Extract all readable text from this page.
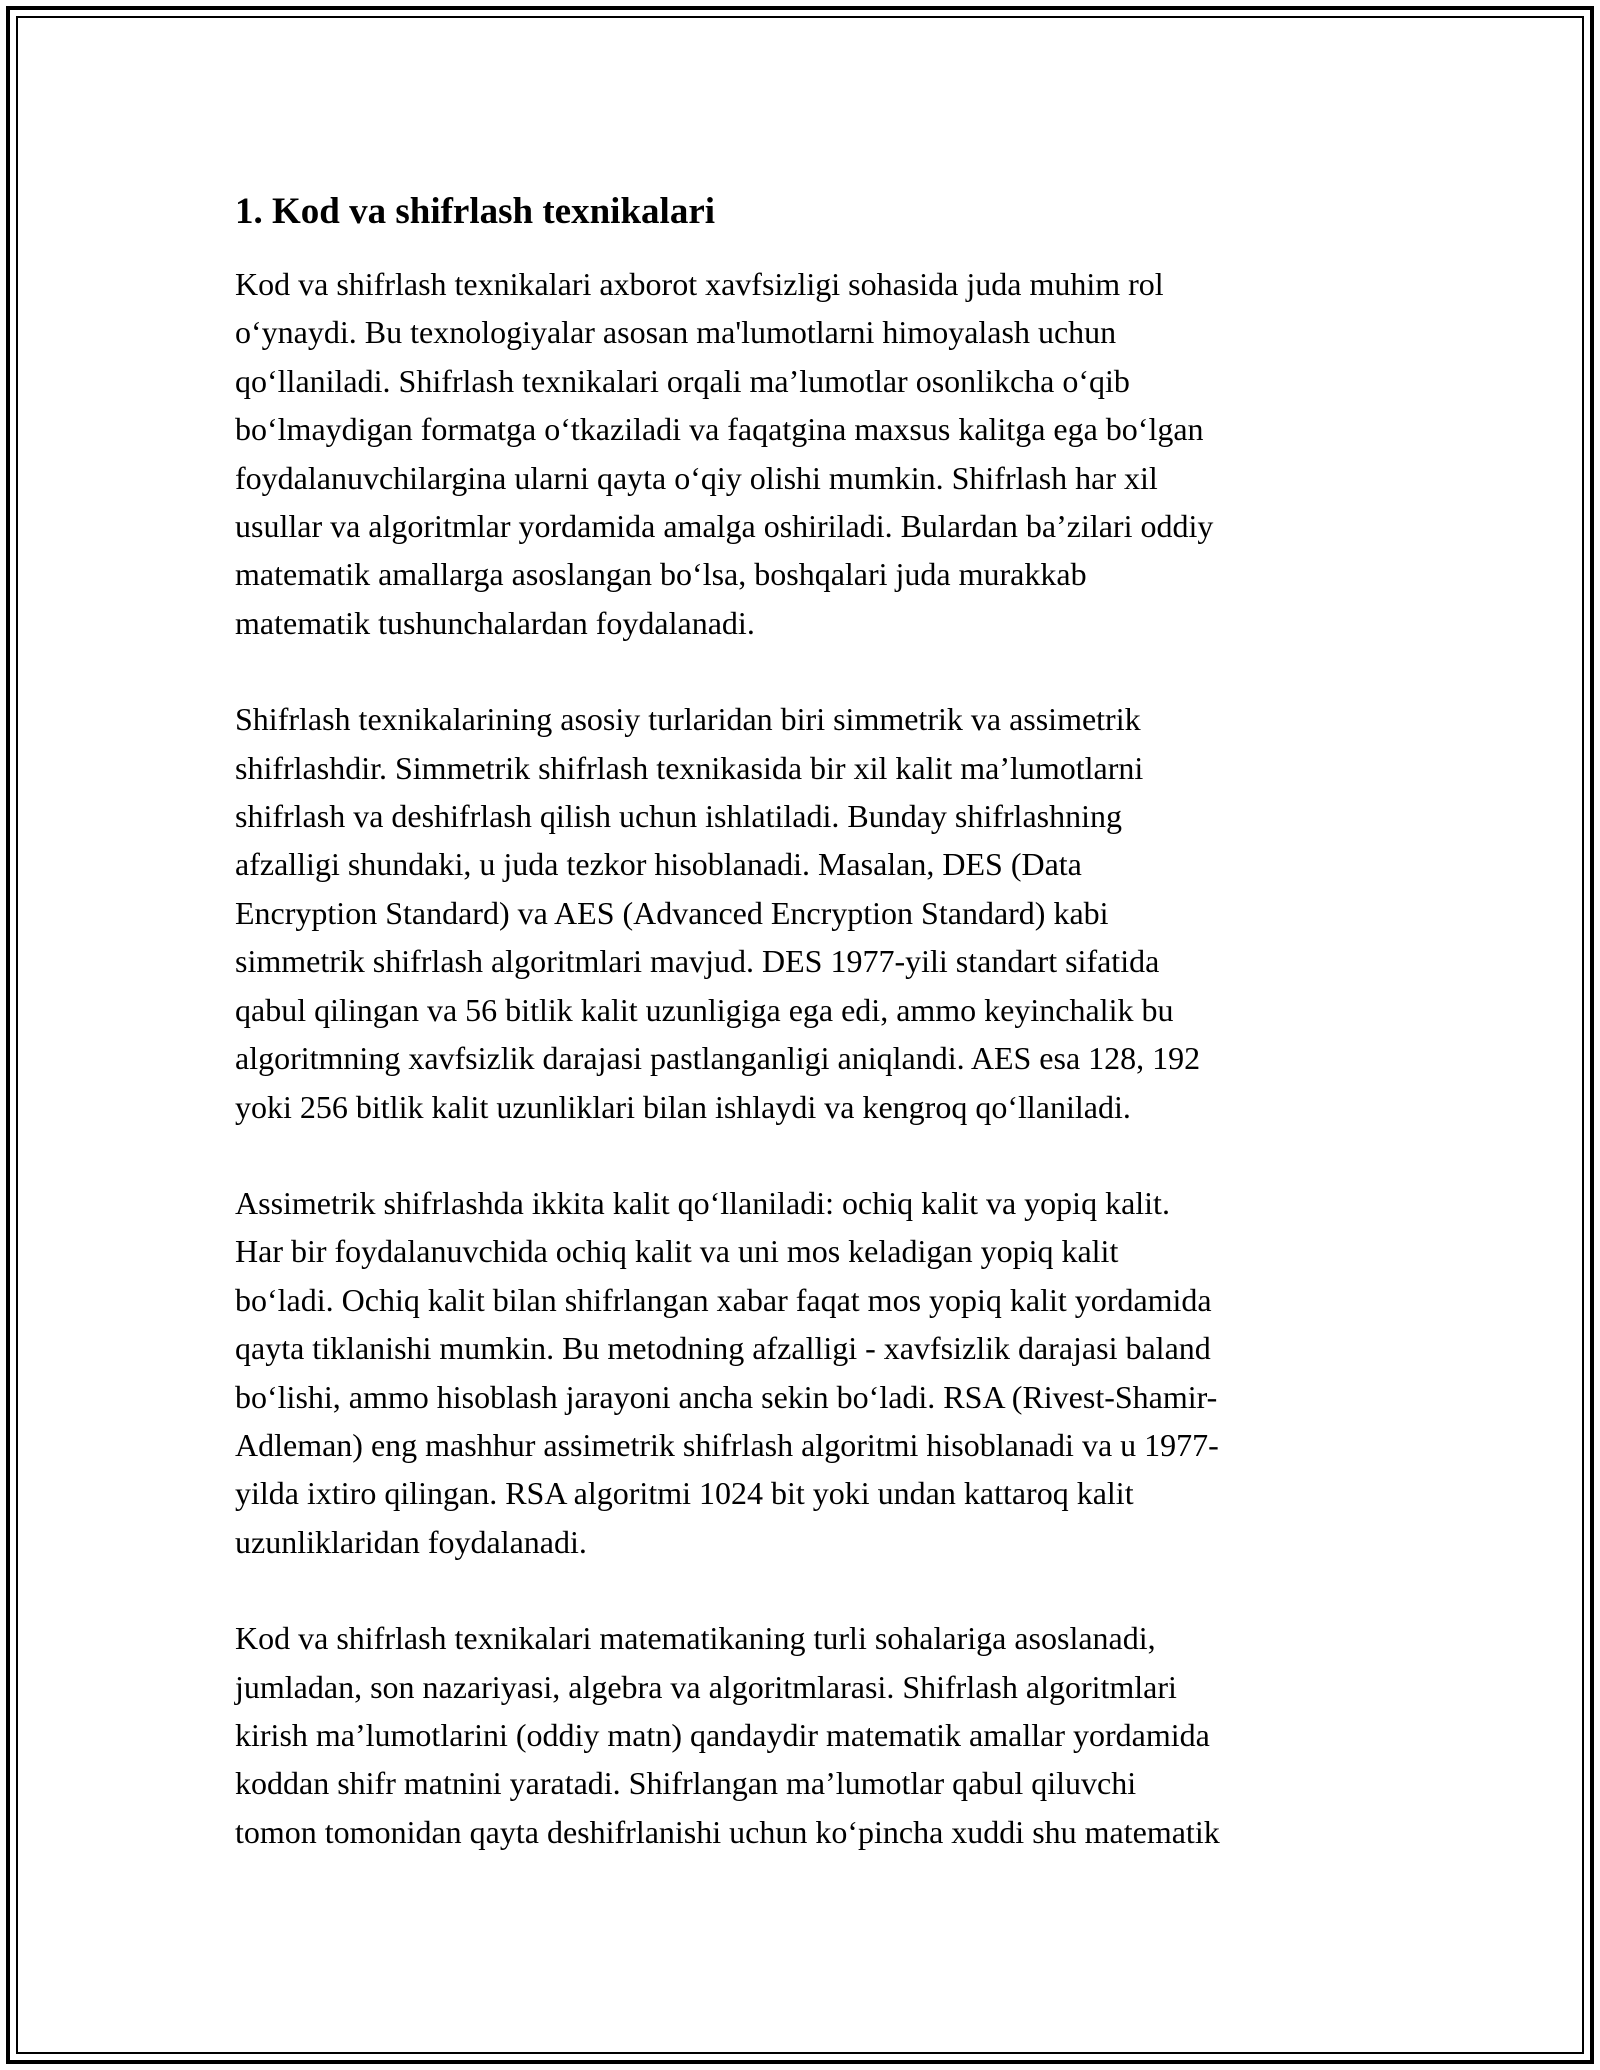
1. Kod va shifrlash texnikalari
Kod va shifrlash texnikalari axborot xavfsizligi sohasida juda muhim rol
o‘ynaydi. Bu texnologiyalar asosan ma'lumotlarni himoyalash uchun
qo‘llaniladi. Shifrlash texnikalari orqali ma’lumotlar osonlikcha o‘qib
bo‘lmaydigan formatga o‘tkaziladi va faqatgina maxsus kalitga ega bo‘lgan
foydalanuvchilargina ularni qayta o‘qiy olishi mumkin. Shifrlash har xil
usullar va algoritmlar yordamida amalga oshiriladi. Bulardan ba’zilari oddiy
matematik amallarga asoslangan bo‘lsa, boshqalari juda murakkab
matematik tushunchalardan foydalanadi.
Shifrlash texnikalarining asosiy turlaridan biri simmetrik va assimetrik
shifrlashdir. Simmetrik shifrlash texnikasida bir xil kalit ma’lumotlarni
shifrlash va deshifrlash qilish uchun ishlatiladi. Bunday shifrlashning
afzalligi shundaki, u juda tezkor hisoblanadi. Masalan, DES (Data
Encryption Standard) va AES (Advanced Encryption Standard) kabi
simmetrik shifrlash algoritmlari mavjud. DES 1977-yili standart sifatida
qabul qilingan va 56 bitlik kalit uzunligiga ega edi, ammo keyinchalik bu
algoritmning xavfsizlik darajasi pastlanganligi aniqlandi. AES esa 128, 192
yoki 256 bitlik kalit uzunliklari bilan ishlaydi va kengroq qo‘llaniladi.
Assimetrik shifrlashda ikkita kalit qo‘llaniladi: ochiq kalit va yopiq kalit.
Har bir foydalanuvchida ochiq kalit va uni mos keladigan yopiq kalit
bo‘ladi. Ochiq kalit bilan shifrlangan xabar faqat mos yopiq kalit yordamida
qayta tiklanishi mumkin. Bu metodning afzalligi - xavfsizlik darajasi baland
bo‘lishi, ammo hisoblash jarayoni ancha sekin bo‘ladi. RSA (Rivest-Shamir-
Adleman) eng mashhur assimetrik shifrlash algoritmi hisoblanadi va u 1977-
yilda ixtiro qilingan. RSA algoritmi 1024 bit yoki undan kattaroq kalit
uzunliklaridan foydalanadi.
Kod va shifrlash texnikalari matematikaning turli sohalariga asoslanadi,
jumladan, son nazariyasi, algebra va algoritmlarasi. Shifrlash algoritmlari
kirish ma’lumotlarini (oddiy matn) qandaydir matematik amallar yordamida
koddan shifr matnini yaratadi. Shifrlangan ma’lumotlar qabul qiluvchi
tomon tomonidan qayta deshifrlanishi uchun ko‘pincha xuddi shu matematik
